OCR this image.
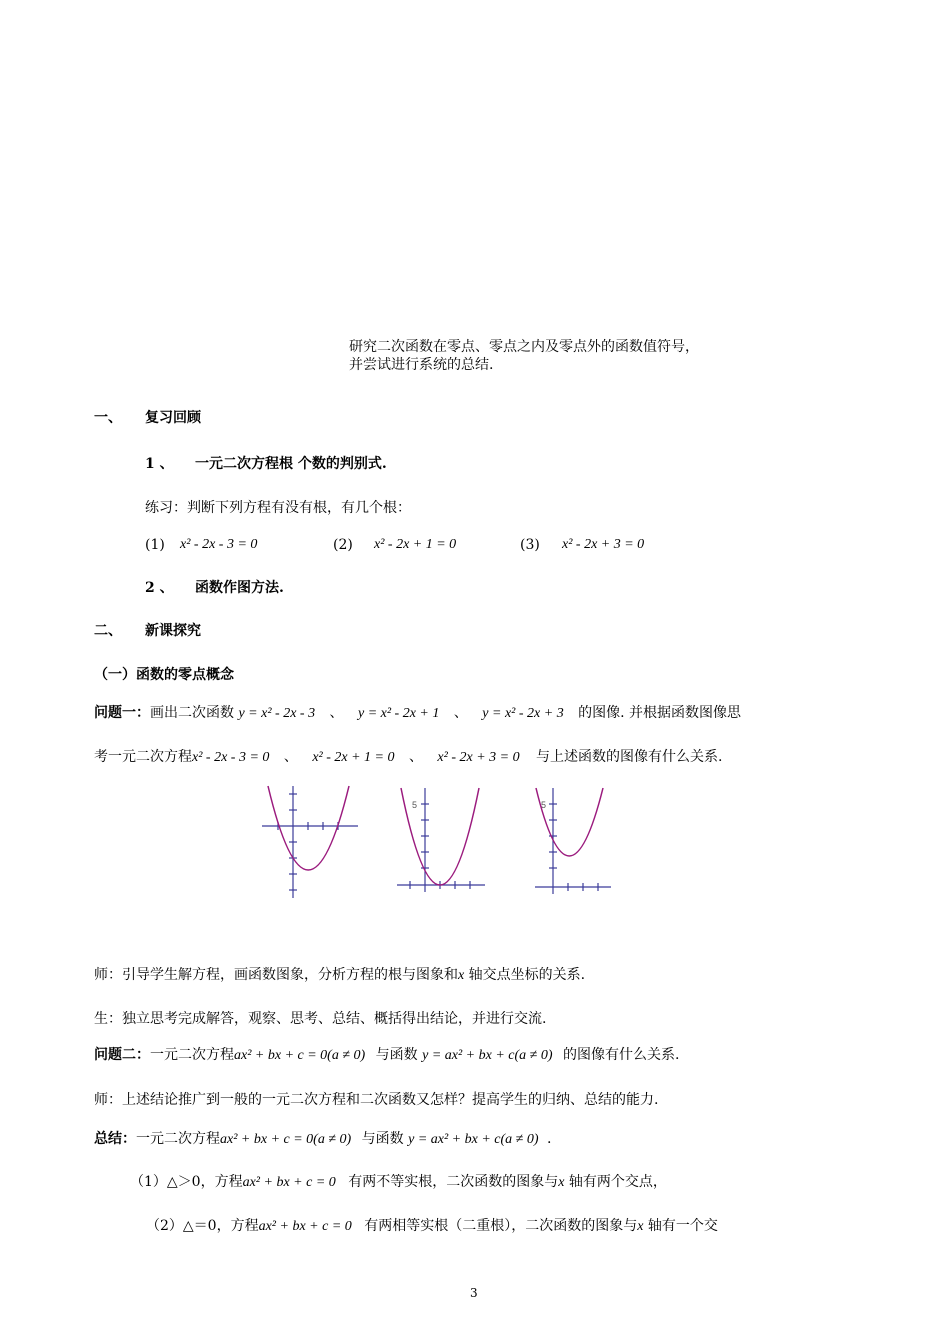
研究二次函数在零点、零点之内及零点外的函数值符号，
并尝试进行系统的总结.
一、 复习回顾
1 、 一元二次方程根 个数的判别式.
练习：判断下列方程有没有根，有几个根：
(1) x² - 2x - 3 = 0	(2) x² - 2x + 1 = 0	(3) x² - 2x + 3 = 0
2 、 函数作图方法.
二、 新课探究
（一）函数的零点概念
问题一：画出二次函数 y = x² - 2x - 3 、 y = x² - 2x + 1 、 y = x² - 2x + 3 的图像. 并根据函数图像思
考一元二次方程x² - 2x - 3 = 0 、 x² - 2x + 1 = 0 、 x² - 2x + 3 = 0 与上述函数的图像有什么关系.
5	5
师：引导学生解方程，画函数图象，分析方程的根与图象和x 轴交点坐标的关系.
生：独立思考完成解答，观察、思考、总结、概括得出结论，并进行交流.
问题二：一元二次方程ax² + bx + c = 0(a ≠ 0) 与函数 y = ax² + bx + c(a ≠ 0) 的图像有什么关系.
师：上述结论推广到一般的一元二次方程和二次函数又怎样？提高学生的归纳、总结的能力.
总结：一元二次方程ax² + bx + c = 0(a ≠ 0) 与函数 y = ax² + bx + c(a ≠ 0) .
（1）△＞0，方程ax² + bx + c = 0 有两不等实根，二次函数的图象与x 轴有两个交点，
（2）△＝0，方程ax² + bx + c = 0 有两相等实根（二重根），二次函数的图象与x 轴有一个交
3
